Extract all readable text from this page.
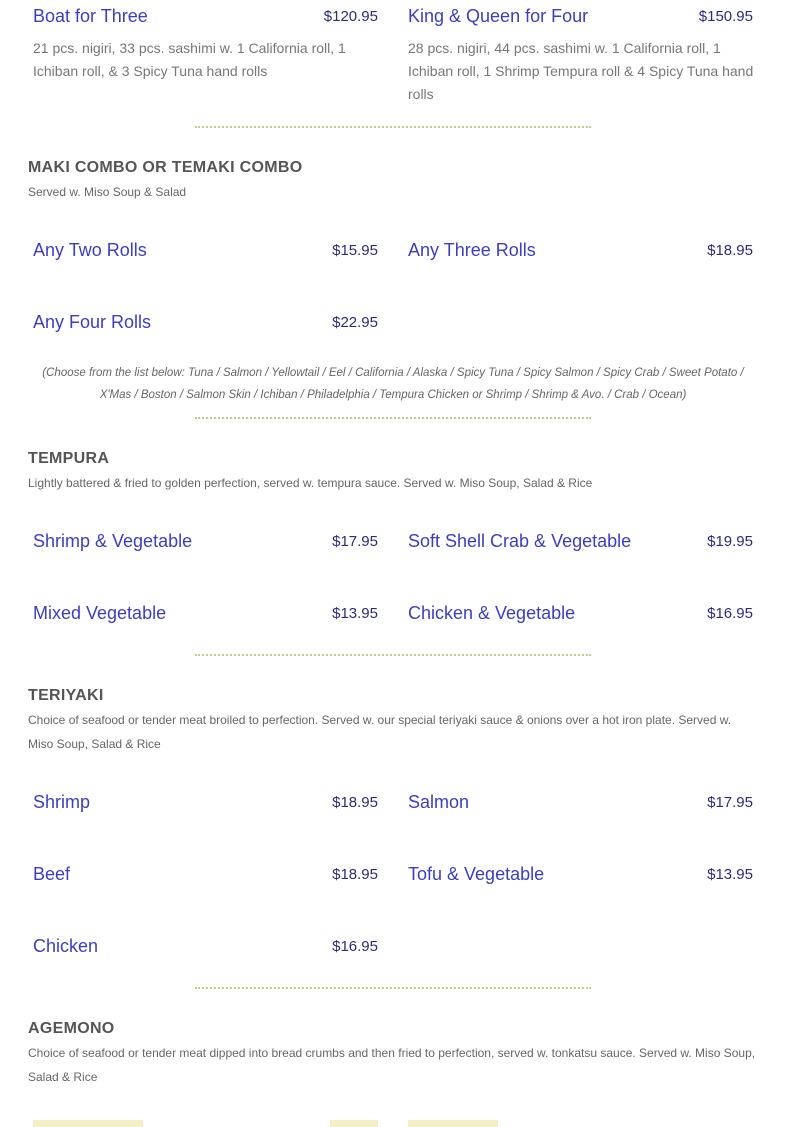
Boat for Three	$120.95
21 pcs. nigiri, 33 pcs. sashimi w. 1 California roll, 1 Ichiban roll, & 3 Spicy Tuna hand rolls
King & Queen for Four	$150.95
28 pcs. nigiri, 44 pcs. sashimi w. 1 California roll, 1 Ichiban roll, 1 Shrimp Tempura roll & 4 Spicy Tuna hand rolls
MAKI COMBO OR TEMAKI COMBO
Served w. Miso Soup & Salad
Any Two Rolls	$15.95 Any Three Rolls	$18.95
Any Four Rolls	$22.95
(Choose from the list below: Tuna / Salmon / Yellowtail / Eel / California / Alaska / Spicy Tuna / Spicy Salmon / Spicy Crab / Sweet Potato / X'Mas / Boston / Salmon Skin / Ichiban / Philadelphia / Tempura Chicken or Shrimp / Shrimp & Avo. / Crab / Ocean)
TEMPURA
Lightly battered & fried to golden perfection, served w. tempura sauce. Served w. Miso Soup, Salad & Rice
Shrimp & Vegetable	$17.95 Soft Shell Crab & Vegetable	$19.95
Mixed Vegetable	$13.95 Chicken & Vegetable	$16.95
TERIYAKI
Choice of seafood or tender meat broiled to perfection. Served w. our special teriyaki sauce & onions over a hot iron plate. Served w. Miso Soup, Salad & Rice
Shrimp	$18.95 Salmon	$17.95
Beef	$18.95 Tofu & Vegetable	$13.95
Chicken	$16.95
AGEMONO
Choice of seafood or tender meat dipped into bread crumbs and then fried to perfection, served w. tonkatsu sauce. Served w. Miso Soup, Salad & Rice
